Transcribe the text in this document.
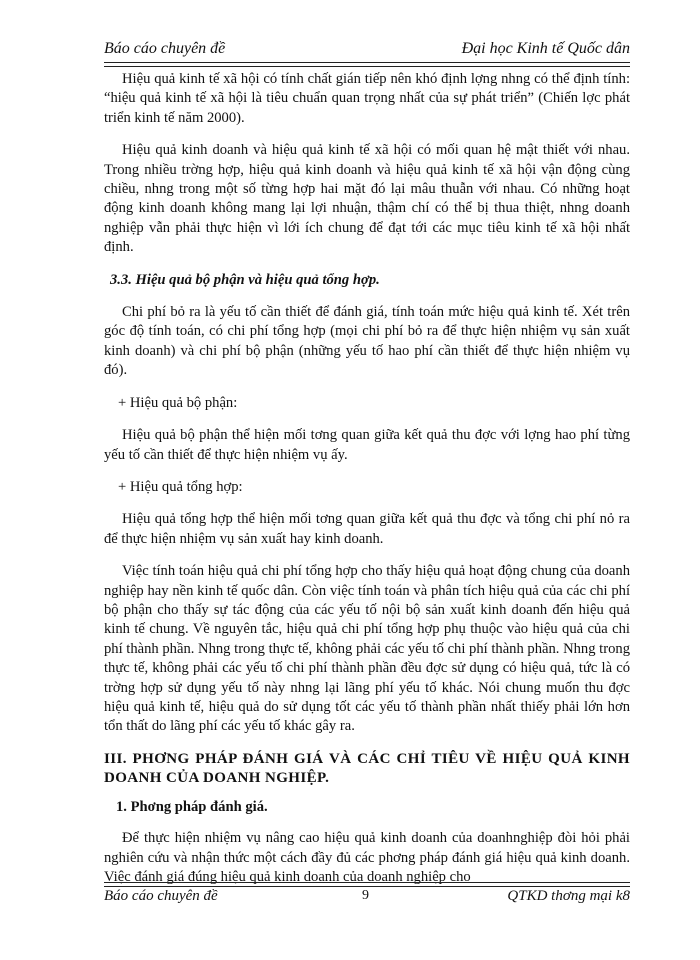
Báo cáo chuyên đề	Đại học Kinh tế Quốc dân

Hiệu quả kinh tế xã hội có tính chất gián tiếp nên khó định lợng nhng có thể định tính: “hiệu quả kinh tế xã hội là tiêu chuẩn quan trọng nhất của sự phát triển” (Chiến lợc phát triển kinh tế năm 2000).

Hiệu quả kinh doanh và hiệu quả kinh tế xã hội có mối quan hệ mật thiết với nhau. Trong nhiều trờng hợp, hiệu quả kinh doanh và hiệu quả kinh tế xã hội vận động cùng chiều, nhng trong một số từng hợp hai mặt đó lại mâu thuẫn với nhau. Có những hoạt động kinh doanh không mang lại lợi nhuận, thậm chí có thể bị thua thiệt, nhng doanh nghiệp vẫn phải thực hiện vì lới ích chung để đạt tới các mục tiêu kinh tế xã hội nhất định.

3.3. Hiệu quả bộ phận và hiệu quả tổng hợp.

Chi phí bỏ ra là yếu tố cần thiết để đánh giá, tính toán mức hiệu quả kinh tế. Xét trên góc độ tính toán, có chi phí tổng hợp (mọi chi phí bỏ ra để thực hiện nhiệm vụ sản xuất kinh doanh) và chi phí bộ phận (những yếu tố hao phí cần thiết để thực hiện nhiệm vụ đó).

+ Hiệu quả bộ phận:

Hiệu quả bộ phận thể hiện mối tơng quan giữa kết quả thu đợc với lợng hao phí từng yếu tố cần thiết để thực hiện nhiệm vụ ấy.

+ Hiệu quả tổng hợp:

Hiệu quả tổng hợp thể hiện mối tơng quan giữa kết quả thu đợc và tổng chi phí nỏ ra để thực hiện nhiệm vụ sản xuất hay kinh doanh.

Việc tính toán hiệu quả chi phí tổng hợp cho thấy hiệu quả hoạt động chung của doanh nghiệp hay nền kinh tế quốc dân. Còn việc tính toán và phân tích hiệu quả của các chi phí bộ phận cho thấy sự tác động của các yếu tố nội bộ sản xuất kinh doanh đến hiệu quả kinh tế chung. Về nguyên tắc, hiệu quả chi phí tổng hợp phụ thuộc vào hiệu quả của chi phí thành phần. Nhng trong thực tế, không phải các yếu tố chi phí thành phần. Nhng trong thực tế, không phải các yếu tố chi phí thành phần đều đợc sử dụng có hiệu quả, tức là có trờng hợp sử dụng yếu tố này nhng lại lãng phí yếu tố khác. Nói chung muốn thu đợc hiệu quả kinh tế, hiệu quả do sử dụng tốt các yếu tố thành phần nhất thiếy phải lớn hơn tổn thất do lãng phí các yếu tố khác gây ra.

III. PHƠNG PHÁP ĐÁNH GIÁ VÀ CÁC CHỈ TIÊU VỀ HIỆU QUẢ KINH DOANH CỦA DOANH NGHIỆP.
1. Phơng pháp đánh giá.

Để thực hiện nhiệm vụ nâng cao hiệu quả kinh doanh của doanhnghiệp đòi hỏi phải nghiên cứu và nhận thức một cách đầy đủ các phơng pháp đánh giá hiệu quả kinh doanh. Việc đánh giá đúng hiệu quả kinh doanh của doanh nghiệp cho

Báo cáo chuyên đề	9	QTKD thơng mại k8
